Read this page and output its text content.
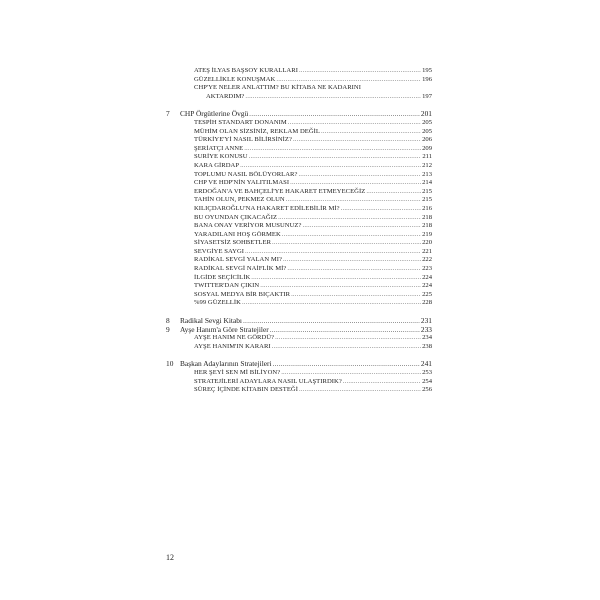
ATEŞ İLYAS BAŞSOY KURALLARI .....	195
GÜZELLİKLE KONUŞMAK .....	196
CHP'YE NELER ANLATTIM? BU KİTABA NE KADARINI
AKTARDIM? .....	197
7	CHP Örgütlerine Övgü .....	201
TESPİH STANDART DONANIM .....	205
MÜHİM OLAN SİZSİNİZ, REKLAM DEĞİL .....	205
TÜRKİYE'Yİ NASIL BİLİRSİNİZ? .....	206
ŞERİATÇI ANNE .....	209
SURİYE KONUSU .....	211
KARA GİRDAP .....	212
TOPLUMU NASIL BÖLÜYORLAR? .....	213
CHP VE HDP'NİN YALITILMASI .....	214
ERDOĞAN'A VE BAHÇELİ'YE HAKARET ETMEYECEĞİZ .....	215
TAHİN OLUN, PEKMEZ OLUN .....	215
KILIÇDAROĞLU'NA HAKARET EDİLEBİLİR Mİ? .....	216
BU OYUNDAN ÇIKACAĞIZ .....	218
BANA ONAY VERİYOR MUSUNUZ? .....	218
YARADILANI HOŞ GÖRMEK .....	219
SİYASETSİZ SOHBETLER .....	220
SEVGİYE SAYGI .....	221
RADİKAL SEVGİ YALAN MI? .....	222
RADİKAL SEVGİ NAİFLİK Mİ? .....	223
İLGİDE SEÇİCİLİK .....	224
TWITTER'DAN ÇIKIN .....	224
SOSYAL MEDYA BİR BIÇAKTIR .....	225
%99 GÜZELLİK .....	228
8	Radikal Sevgi Kitabı .....	231
9	Ayşe Hanım'a Göre Stratejiler .....	233
AYŞE HANIM NE GÖRDÜ? .....	234
AYŞE HANIM'IN KARARI .....	238
10 Başkan Adaylarının Stratejileri .....	241
HER ŞEYİ SEN Mİ BİLİYON? .....	253
STRATEJİLERİ ADAYLARA NASIL ULAŞTIRDIK? .....	254
SÜREÇ İÇİNDE KİTABIN DESTEĞİ .....	256
12
